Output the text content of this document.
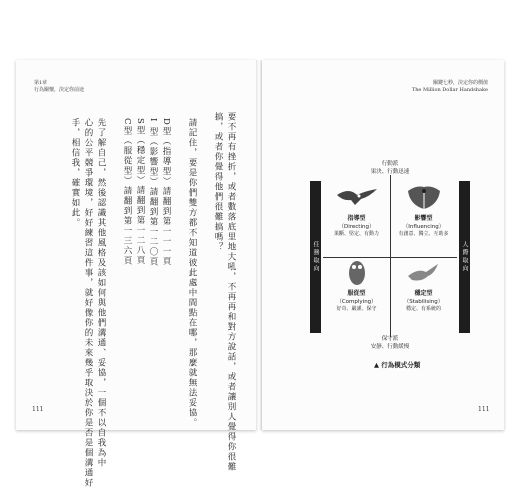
第1章
行為關懷，決定你前途
要不再有挫折，或者數落底里地大吼，不再再和對方說話，或者讓別人覺得你很難
搞，或者你覺得他們很難搞嗎？
請記住，要是你們雙方都不知道彼此處中間點在哪，那麼就無法妥協。
D型（指導型）請翻到第一一一頁
I 型（影響型）請翻到第一二〇頁
S型（穩定型）請翻到第一二八頁
C型（服從型）請翻到第一三六頁
先了解自己，然後認識其他風格及該如何與他們溝通、妥協，一個不以自我為中
心的公平競爭環境，好好練習這件事，就好像你的未來幾乎取決於你是否是個溝通好
手，相信我，確實如此。
111
關鍵七秒，決定你的價值
The Million Dollar Handshake
行動派
果決、行動迅速
任務取向	人際取向
指導型
（Directing）
果斷、堅定、有動力
影響型
（Influencing）
有創意、獨立、互助多
服從型
（Complying）
好奇、嚴謹、保守
穩定型
（Stabilising）
穩定、有系統的
保守派
安靜、行動緩慢
▲ 行為模式分類
111
